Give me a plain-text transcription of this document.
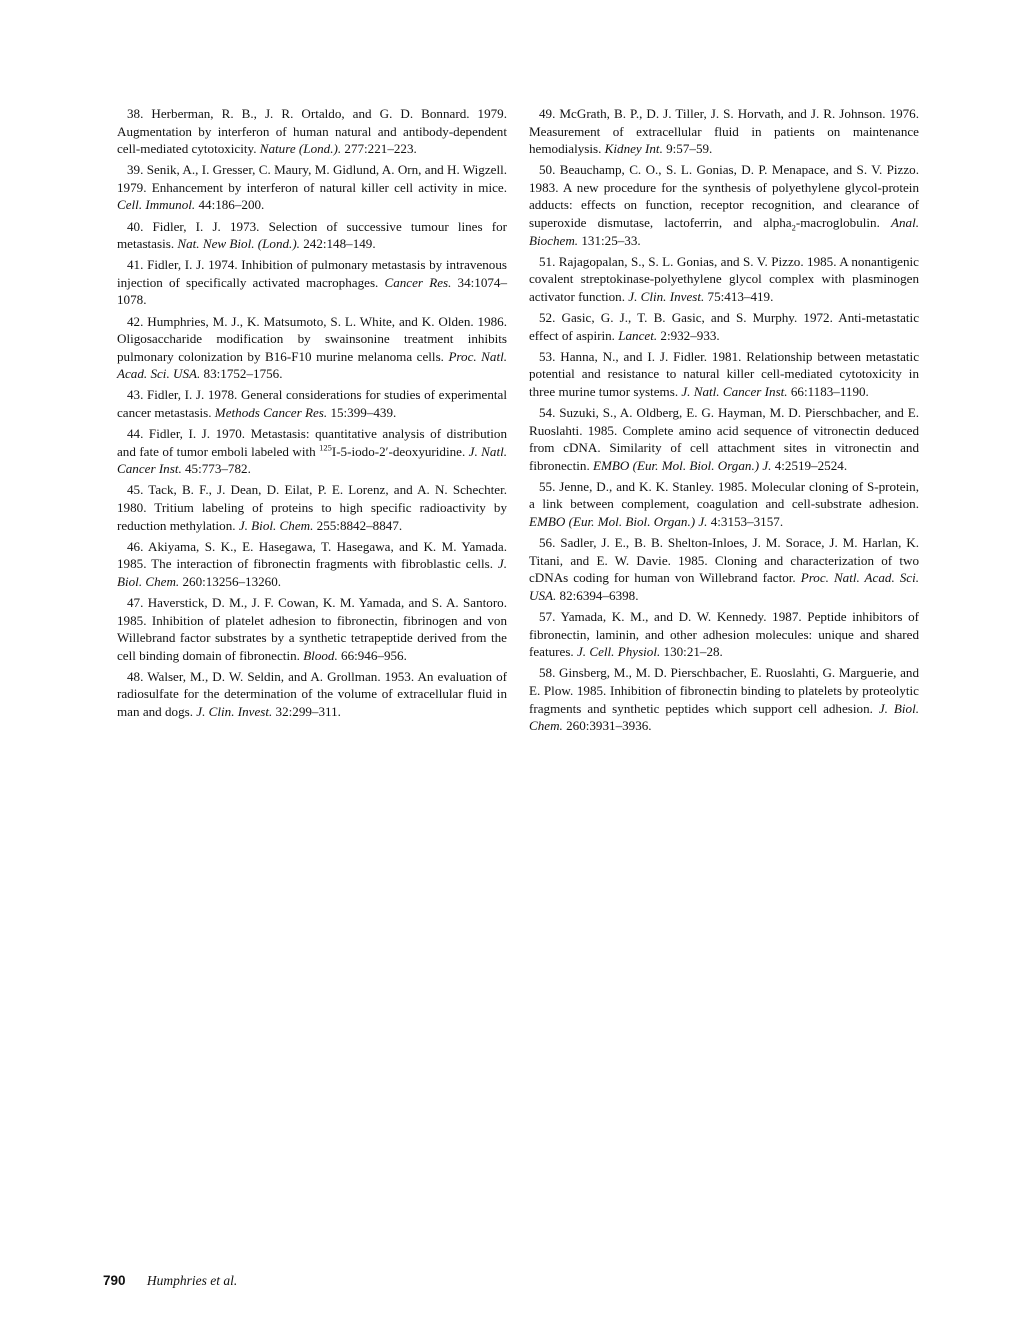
38. Herberman, R. B., J. R. Ortaldo, and G. D. Bonnard. 1979. Augmentation by interferon of human natural and antibody-dependent cell-mediated cytotoxicity. Nature (Lond.). 277:221–223.

39. Senik, A., I. Gresser, C. Maury, M. Gidlund, A. Orn, and H. Wigzell. 1979. Enhancement by interferon of natural killer cell activity in mice. Cell. Immunol. 44:186–200.

40. Fidler, I. J. 1973. Selection of successive tumour lines for metastasis. Nat. New Biol. (Lond.). 242:148–149.

41. Fidler, I. J. 1974. Inhibition of pulmonary metastasis by intravenous injection of specifically activated macrophages. Cancer Res. 34:1074–1078.

42. Humphries, M. J., K. Matsumoto, S. L. White, and K. Olden. 1986. Oligosaccharide modification by swainsonine treatment inhibits pulmonary colonization by B16-F10 murine melanoma cells. Proc. Natl. Acad. Sci. USA. 83:1752–1756.

43. Fidler, I. J. 1978. General considerations for studies of experimental cancer metastasis. Methods Cancer Res. 15:399–439.

44. Fidler, I. J. 1970. Metastasis: quantitative analysis of distribution and fate of tumor emboli labeled with $^{125}$I-5-iodo-2′-deoxyuridine. J. Natl. Cancer Inst. 45:773–782.

45. Tack, B. F., J. Dean, D. Eilat, P. E. Lorenz, and A. N. Schechter. 1980. Tritium labeling of proteins to high specific radioactivity by reduction methylation. J. Biol. Chem. 255:8842–8847.

46. Akiyama, S. K., E. Hasegawa, T. Hasegawa, and K. M. Yamada. 1985. The interaction of fibronectin fragments with fibroblastic cells. J. Biol. Chem. 260:13256–13260.

47. Haverstick, D. M., J. F. Cowan, K. M. Yamada, and S. A. Santoro. 1985. Inhibition of platelet adhesion to fibronectin, fibrinogen and von Willebrand factor substrates by a synthetic tetrapeptide derived from the cell binding domain of fibronectin. Blood. 66:946–956.

48. Walser, M., D. W. Seldin, and A. Grollman. 1953. An evaluation of radiosulfate for the determination of the volume of extracellular fluid in man and dogs. J. Clin. Invest. 32:299–311.

49. McGrath, B. P., D. J. Tiller, J. S. Horvath, and J. R. Johnson. 1976. Measurement of extracellular fluid in patients on maintenance hemodialysis. Kidney Int. 9:57–59.

50. Beauchamp, C. O., S. L. Gonias, D. P. Menapace, and S. V. Pizzo. 1983. A new procedure for the synthesis of polyethylene glycol-protein adducts: effects on function, receptor recognition, and clearance of superoxide dismutase, lactoferrin, and alpha$_2$-macroglobulin. Anal. Biochem. 131:25–33.

51. Rajagopalan, S., S. L. Gonias, and S. V. Pizzo. 1985. A nonantigenic covalent streptokinase-polyethylene glycol complex with plasminogen activator function. J. Clin. Invest. 75:413–419.

52. Gasic, G. J., T. B. Gasic, and S. Murphy. 1972. Anti-metastatic effect of aspirin. Lancet. 2:932–933.

53. Hanna, N., and I. J. Fidler. 1981. Relationship between metastatic potential and resistance to natural killer cell-mediated cytotoxicity in three murine tumor systems. J. Natl. Cancer Inst. 66:1183–1190.

54. Suzuki, S., A. Oldberg, E. G. Hayman, M. D. Pierschbacher, and E. Ruoslahti. 1985. Complete amino acid sequence of vitronectin deduced from cDNA. Similarity of cell attachment sites in vitronectin and fibronectin. EMBO (Eur. Mol. Biol. Organ.) J. 4:2519–2524.

55. Jenne, D., and K. K. Stanley. 1985. Molecular cloning of S-protein, a link between complement, coagulation and cell-substrate adhesion. EMBO (Eur. Mol. Biol. Organ.) J. 4:3153–3157.

56. Sadler, J. E., B. B. Shelton-Inloes, J. M. Sorace, J. M. Harlan, K. Titani, and E. W. Davie. 1985. Cloning and characterization of two cDNAs coding for human von Willebrand factor. Proc. Natl. Acad. Sci. USA. 82:6394–6398.

57. Yamada, K. M., and D. W. Kennedy. 1987. Peptide inhibitors of fibronectin, laminin, and other adhesion molecules: unique and shared features. J. Cell. Physiol. 130:21–28.

58. Ginsberg, M., M. D. Pierschbacher, E. Ruoslahti, G. Marguerie, and E. Plow. 1985. Inhibition of fibronectin binding to platelets by proteolytic fragments and synthetic peptides which support cell adhesion. J. Biol. Chem. 260:3931–3936.

790 Humphries et al.
